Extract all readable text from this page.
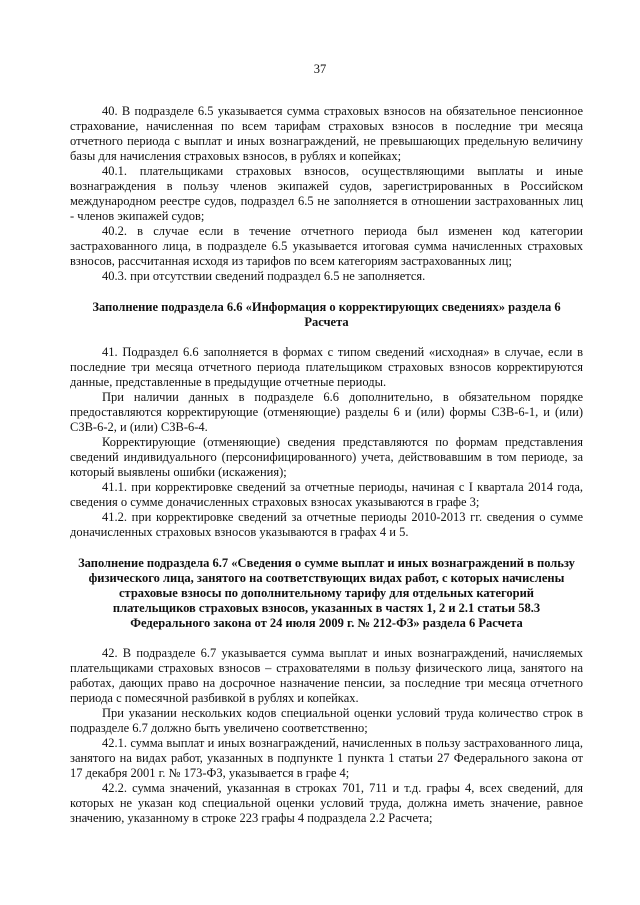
37

40. В подразделе 6.5 указывается сумма страховых взносов на обязательное пенсионное страхование, начисленная по всем тарифам страховых взносов в последние три месяца отчетного периода с выплат и иных вознаграждений, не превышающих предельную величину базы для начисления страховых взносов, в рублях и копейках;

40.1. плательщиками страховых взносов, осуществляющими выплаты и иные вознаграждения в пользу членов экипажей судов, зарегистрированных в Российском международном реестре судов, подраздел 6.5 не заполняется в отношении застрахованных лиц - членов экипажей судов;

40.2. в случае если в течение отчетного периода был изменен код категории застрахованного лица, в подразделе 6.5 указывается итоговая сумма начисленных страховых взносов, рассчитанная исходя из тарифов по всем категориям застрахованных лиц;

40.3. при отсутствии сведений подраздел 6.5 не заполняется.

Заполнение подраздела 6.6 «Информация о корректирующих сведениях» раздела 6 Расчета

41. Подраздел 6.6 заполняется в формах с типом сведений «исходная» в случае, если в последние три месяца отчетного периода плательщиком страховых взносов корректируются данные, представленные в предыдущие отчетные периоды.

При наличии данных в подразделе 6.6 дополнительно, в обязательном порядке предоставляются корректирующие (отменяющие) разделы 6 и (или) формы СЗВ-6-1, и (или) СЗВ-6-2, и (или) СЗВ-6-4.

Корректирующие (отменяющие) сведения представляются по формам представления сведений индивидуального (персонифицированного) учета, действовавшим в том периоде, за который выявлены ошибки (искажения);

41.1. при корректировке сведений за отчетные периоды, начиная с I квартала 2014 года, сведения о сумме доначисленных страховых взносах указываются в графе 3;

41.2. при корректировке сведений за отчетные периоды 2010-2013 гг. сведения о сумме доначисленных страховых взносов указываются в графах 4 и 5.

Заполнение подраздела 6.7 «Сведения о сумме выплат и иных вознаграждений в пользу физического лица, занятого на соответствующих видах работ, с которых начислены страховые взносы по дополнительному тарифу для отдельных категорий плательщиков страховых взносов, указанных в частях 1, 2 и 2.1 статьи 58.3 Федерального закона от 24 июля 2009 г. № 212-ФЗ» раздела 6 Расчета

42. В подразделе 6.7 указывается сумма выплат и иных вознаграждений, начисляемых плательщиками страховых взносов – страхователями в пользу физического лица, занятого на работах, дающих право на досрочное назначение пенсии, за последние три месяца отчетного периода с помесячной разбивкой в рублях и копейках.

При указании нескольких кодов специальной оценки условий труда количество строк в подразделе 6.7 должно быть увеличено соответственно;

42.1. сумма выплат и иных вознаграждений, начисленных в пользу застрахованного лица, занятого на видах работ, указанных в подпункте 1 пункта 1 статьи 27 Федерального закона от 17 декабря 2001 г. № 173-ФЗ, указывается в графе 4;

42.2. сумма значений, указанная в строках 701, 711 и т.д. графы 4, всех сведений, для которых не указан код специальной оценки условий труда, должна иметь значение, равное значению, указанному в строке 223 графы 4 подраздела 2.2 Расчета;
